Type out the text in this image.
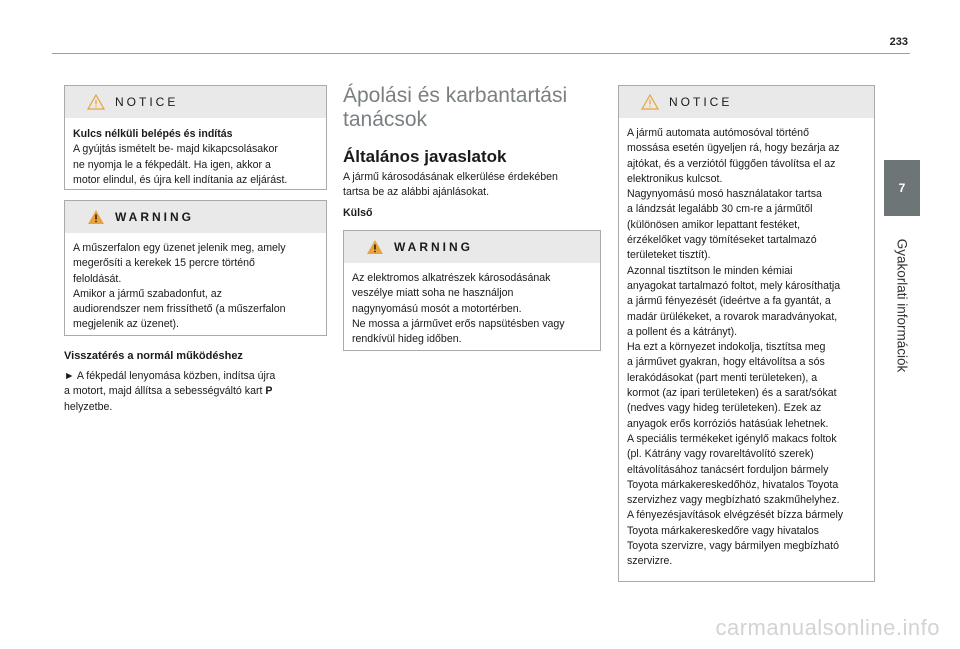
233
7
Gyakorlati információk
NOTICE
Kulcs nélküli belépés és indítás
A gyújtás ismételt be- majd kikapcsolásakor
ne nyomja le a fékpedált. Ha igen, akkor a
motor elindul, és újra kell indítania az eljárást.
WARNING
A műszerfalon egy üzenet jelenik meg, amely
megerősíti a kerekek 15 percre történő
feloldását.
Amikor a jármű szabadonfut, az
audiorendszer nem frissíthető (a műszerfalon
megjelenik az üzenet).
Visszatérés a normál működéshez
► A fékpedál lenyomása közben, indítsa újra
a motort, majd állítsa a sebességváltó kart P
helyzetbe.
Ápolási és karbantartási
tanácsok
Általános javaslatok
A jármű károsodásának elkerülése érdekében
tartsa be az alábbi ajánlásokat.
Külső
WARNING
Az elektromos alkatrészek károsodásának
veszélye miatt soha ne használjon
nagynyomású mosót a motortérben.
Ne mossa a járművet erős napsütésben vagy
rendkívül hideg időben.
NOTICE
A jármű automata autómosóval történő
mossása esetén ügyeljen rá, hogy bezárja az
ajtókat, és a verziótól függően távolítsa el az
elektronikus kulcsot.
Nagynyomású mosó használatakor tartsa
a lándzsát legalább 30 cm-re a járműtől
(különösen amikor lepattant festéket,
érzékelőket vagy tömítéseket tartalmazó
területeket tisztít).
Azonnal tisztítson le minden kémiai
anyagokat tartalmazó foltot, mely károsíthatja
a jármű fényezését (ideértve a fa gyantát, a
madár ürülékeket, a rovarok maradványokat,
a pollent és a kátrányt).
Ha ezt a környezet indokolja, tisztítsa meg
a járművet gyakran, hogy eltávolítsa a sós
lerakódásokat (part menti területeken), a
kormot (az ipari területeken) és a sarat/sókat
(nedves vagy hideg területeken). Ezek az
anyagok erős korróziós hatásúak lehetnek.
A speciális termékeket igénylő makacs foltok
(pl. Kátrány vagy rovareltávolító szerek)
eltávolításához tanácsért forduljon bármely
Toyota márkakereskedőhöz, hivatalos Toyota
szervizhez vagy megbízható szakműhelyhez.
A fényezésjavítások elvégzését bízza bármely
Toyota márkakereskedőre vagy hivatalos
Toyota szervizre, vagy bármilyen megbízható
szervizre.
carmanualsonline.info
